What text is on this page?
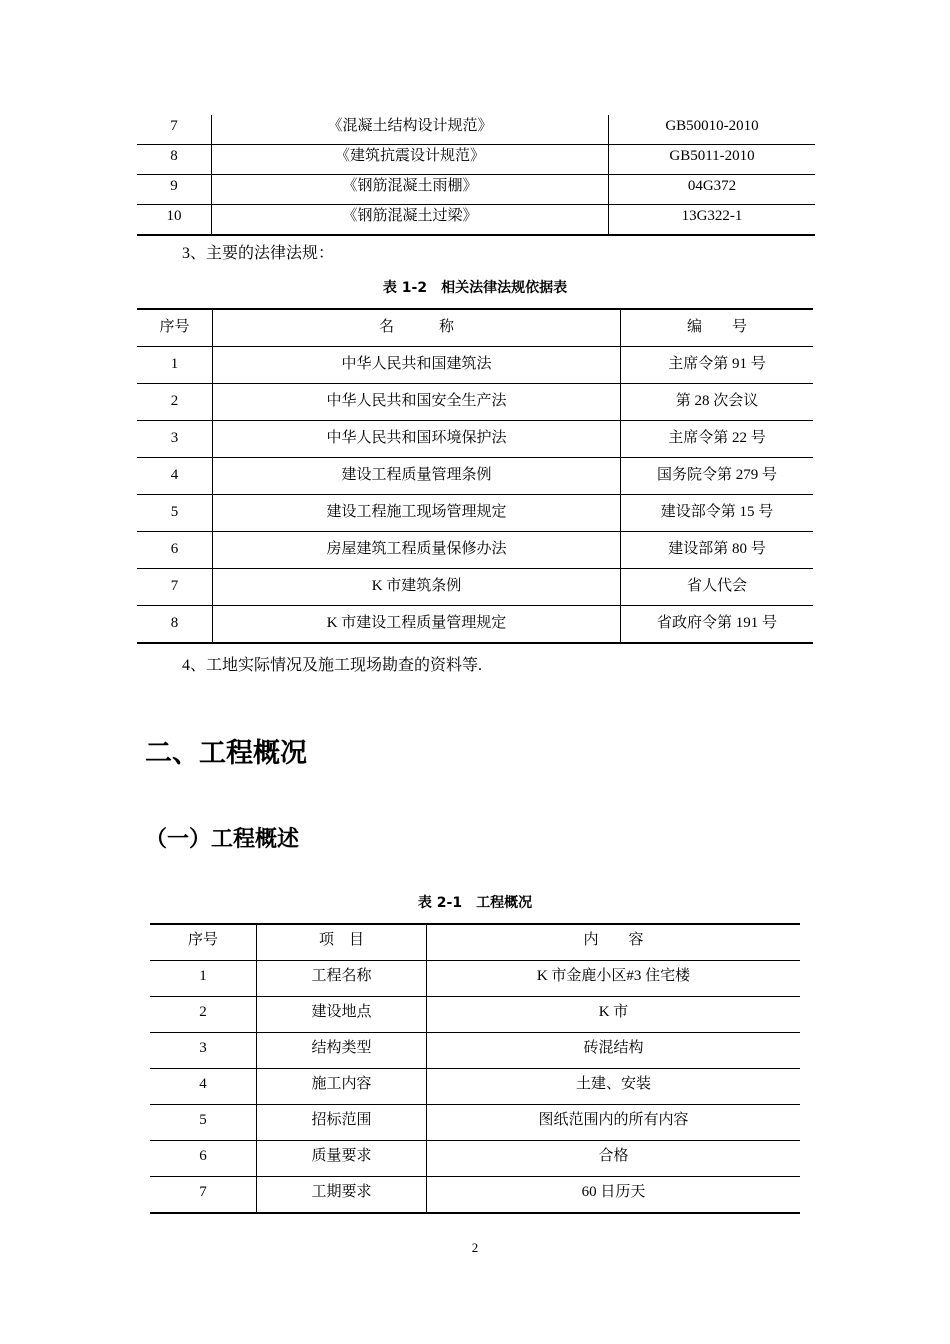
7	《混凝土结构设计规范》	GB50010-2010
8	《建筑抗震设计规范》	GB5011-2010
9	《钢筋混凝土雨棚》	04G372
10	《钢筋混凝土过梁》	13G322-1
3、主要的法律法规：
表 1-2　相关法律法规依据表
序号	名　　　称	编　　号
1	中华人民共和国建筑法	主席令第 91 号
2	中华人民共和国安全生产法	第 28 次会议
3	中华人民共和国环境保护法	主席令第 22 号
4	建设工程质量管理条例	国务院令第 279 号
5	建设工程施工现场管理规定	建设部令第 15 号
6	房屋建筑工程质量保修办法	建设部第 80 号
7	K 市建筑条例	省人代会
8	K 市建设工程质量管理规定	省政府令第 191 号
4、工地实际情况及施工现场勘查的资料等.
二、工程概况
（一）工程概述
表 2-1　工程概况
序号	项　目	内　　容
1	工程名称	K 市金鹿小区#3 住宅楼
2	建设地点	K 市
3	结构类型	砖混结构
4	施工内容	土建、安装
5	招标范围	图纸范围内的所有内容
6	质量要求	合格
7	工期要求	60 日历天
2
